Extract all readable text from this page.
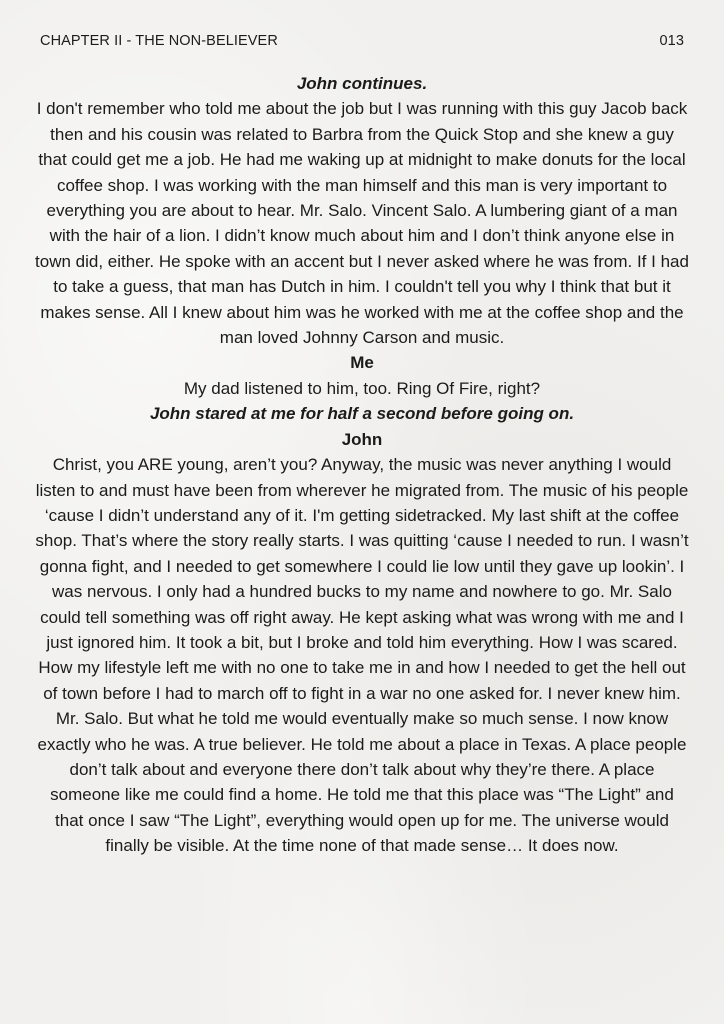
CHAPTER II - THE NON-BELIEVER	013

John continues.

I don't remember who told me about the job but I was running with this guy Jacob back then and his cousin was related to Barbra from the Quick Stop and she knew a guy that could get me a job. He had me waking up at midnight to make donuts for the local coffee shop. I was working with the man himself and this man is very important to everything you are about to hear. Mr. Salo. Vincent Salo. A lumbering giant of a man with the hair of a lion. I didn’t know much about him and I don’t think anyone else in town did, either. He spoke with an accent but I never asked where he was from. If I had to take a guess, that man has Dutch in him. I couldn't tell you why I think that but it makes sense. All I knew about him was he worked with me at the coffee shop and the man loved Johnny Carson and music.

Me

My dad listened to him, too. Ring Of Fire, right?

John stared at me for half a second before going on.

John

Christ, you ARE young, aren’t you? Anyway, the music was never anything I would listen to and must have been from wherever he migrated from. The music of his people ‘cause I didn’t understand any of it. I'm getting sidetracked. My last shift at the coffee shop. That’s where the story really starts. I was quitting ‘cause I needed to run. I wasn’t gonna fight, and I needed to get somewhere I could lie low until they gave up lookin’. I was nervous. I only had a hundred bucks to my name and nowhere to go. Mr. Salo could tell something was off right away. He kept asking what was wrong with me and I just ignored him. It took a bit, but I broke and told him everything. How I was scared. How my lifestyle left me with no one to take me in and how I needed to get the hell out of town before I had to march off to fight in a war no one asked for. I never knew him. Mr. Salo. But what he told me would eventually make so much sense. I now know exactly who he was. A true believer. He told me about a place in Texas. A place people don’t talk about and everyone there don’t talk about why they’re there. A place someone like me could find a home. He told me that this place was “The Light” and that once I saw “The Light”, everything would open up for me. The universe would finally be visible. At the time none of that made sense… It does now.
